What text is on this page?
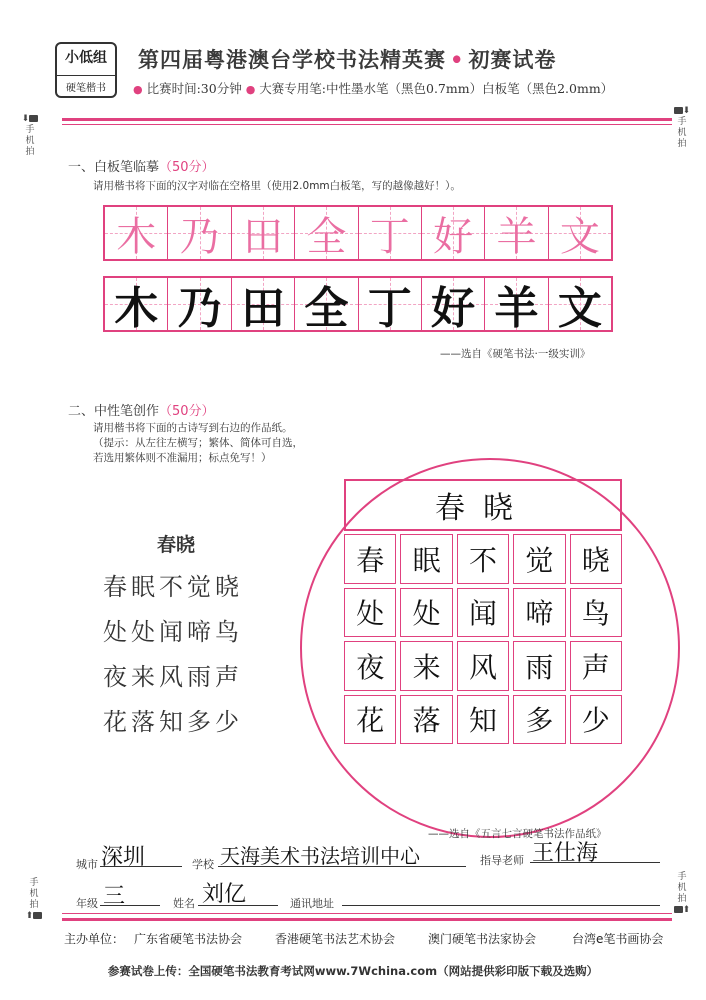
小低组
硬笔楷书
第四届粤港澳台学校书法精英赛 • 初赛试卷
● 比赛时间:30分钟 ● 大赛专用笔:中性墨水笔（黑色0.7mm）白板笔（黑色2.0mm）
⬇
手
机
拍
⬇
手
机
拍
一、白板笔临摹（50分）
请用楷书将下面的汉字对临在空格里（使用2.0mm白板笔，写的越像越好！）。
木 乃 田 全 丁 好 羊 文
木 乃 田 全 丁 好 羊 文
——选自《硬笔书法·一级实训》
二、中性笔创作（50分）
请用楷书将下面的古诗写到右边的作品纸。
（提示：从左往左横写；繁体、简体可自选，
若选用繁体则不准漏用；标点免写！）
春晓
春眠不觉晓
处处闻啼鸟
夜来风雨声
花落知多少
春晓
春	眠	不	觉	晓
处	处	闻	啼	鸟
夜	来	风	雨	声
花	落	知	多	少
——选自《五言七言硬笔书法作品纸》
城市 深圳	学校 天海美术书法培训中心	指导老师 王仕海
年级 三	姓名 刘亿	通讯地址
手
机
拍
⬆
手
机
拍
⬆
主办单位： 广东省硬笔书法协会	香港硬笔书法艺术协会	澳门硬笔书法家协会	台湾e笔书画协会
参赛试卷上传：全国硬笔书法教育考试网www.7Wchina.com（网站提供彩印版下载及选购）
